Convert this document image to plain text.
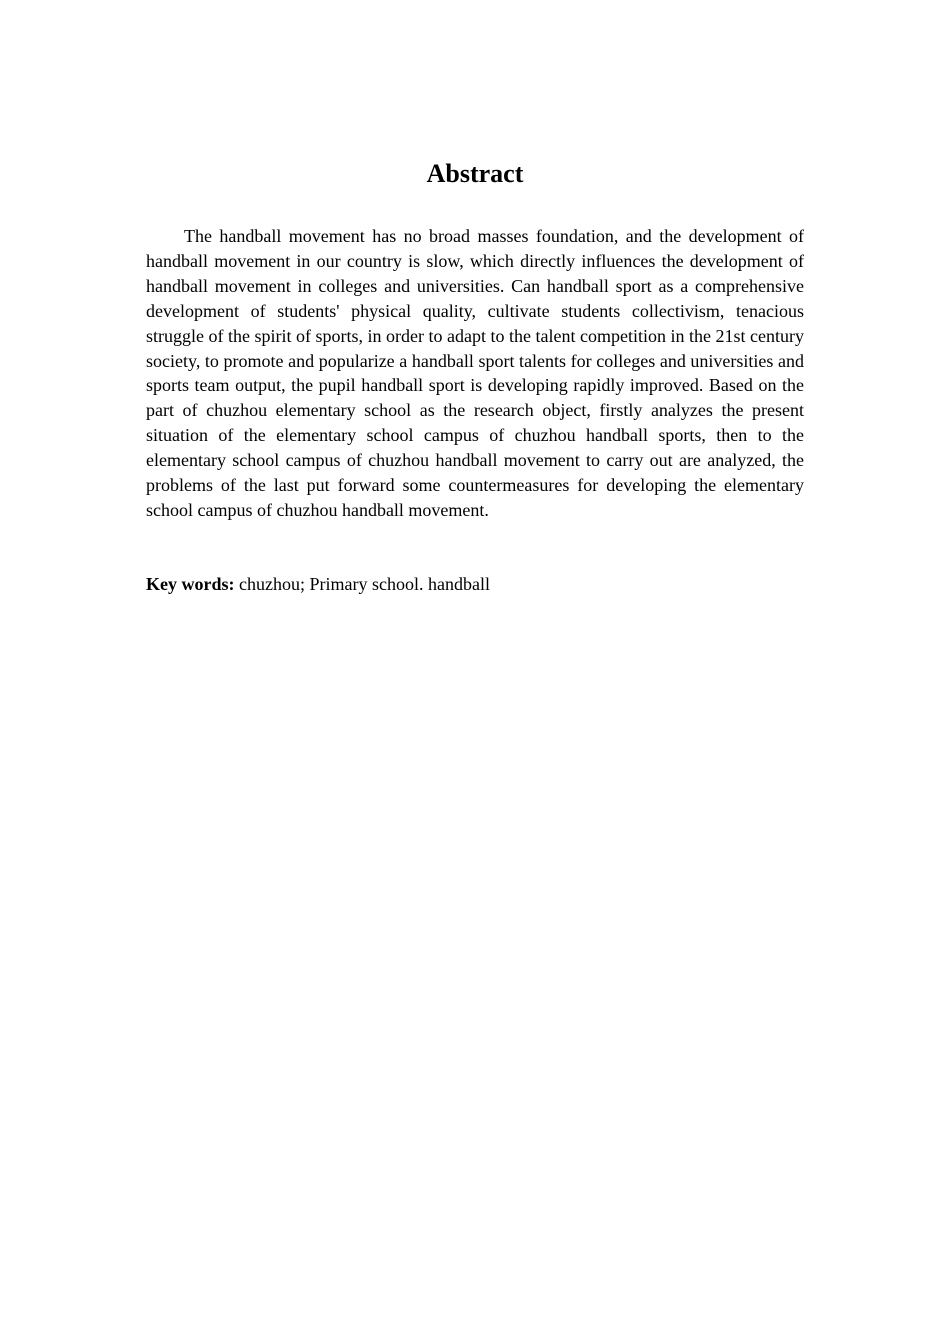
Abstract

The handball movement has no broad masses foundation, and the development of handball movement in our country is slow, which directly influences the development of handball movement in colleges and universities. Can handball sport as a comprehensive development of students' physical quality, cultivate students collectivism, tenacious struggle of the spirit of sports, in order to adapt to the talent competition in the 21st century society, to promote and popularize a handball sport talents for colleges and universities and sports team output, the pupil handball sport is developing rapidly improved. Based on the part of chuzhou elementary school as the research object, firstly analyzes the present situation of the elementary school campus of chuzhou handball sports, then to the elementary school campus of chuzhou handball movement to carry out are analyzed, the problems of the last put forward some countermeasures for developing the elementary school campus of chuzhou handball movement.

Key words: chuzhou; Primary school. handball
